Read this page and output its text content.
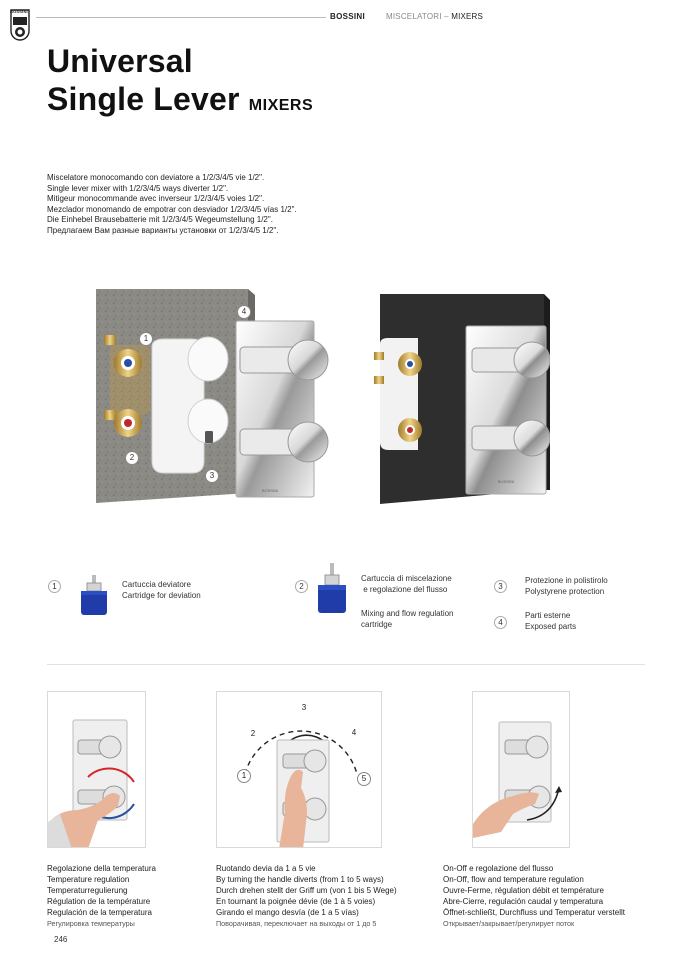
BOSSINI
BOSSINI	MISCELATORI – MIXERS
Universal
Single Lever MIXERS
Miscelatore monocomando con deviatore a 1/2/3/4/5 vie 1/2".
Single lever mixer with 1/2/3/4/5 ways diverter 1/2".
Mitigeur monocommande avec inverseur 1/2/3/4/5 voies 1/2".
Mezclador monomando de empotrar con desviador 1/2/3/4/5 vías 1/2".
Die Einhebel Brausebatterie mit 1/2/3/4/5 Wegeumstellung 1/2".
Предлагаем Вам разные варианты установки от 1/2/3/4/5 1/2".
BOSSINI
1
2
3
4
BOSSINI
1	Cartuccia deviatore
Cartridge for deviation
2
Cartuccia di miscelazione
e regolazione del flusso
Mixing and flow regulation
cartridge
3
Protezione in polistirolo
Polystyrene protection
4
Parti esterne
Exposed parts
Regolazione della temperatura
Temperature regulation
Temperaturregulierung
Régulation de la température
Regulación de la temperatura
Регулировка температуры
1
2
3
4
5
Ruotando devia da 1 a 5 vie
By turning the handle diverts (from 1 to 5 ways)
Durch drehen stellt der Griff um (von 1 bis 5 Wege)
En tournant la poignée dévie (de 1 à 5 voies)
Girando el mango desvía (de 1 a 5 vías)
Поворачивая, переключает на выходы от 1 до 5
On-Off e regolazione del flusso
On-Off, flow and temperature regulation
Ouvre-Ferme, régulation débit et température
Abre-Cierre, regulación caudal y temperatura
Öffnet-schließt, Durchfluss und Temperatur verstellt
Открывает/закрывает/регулирует поток
246
